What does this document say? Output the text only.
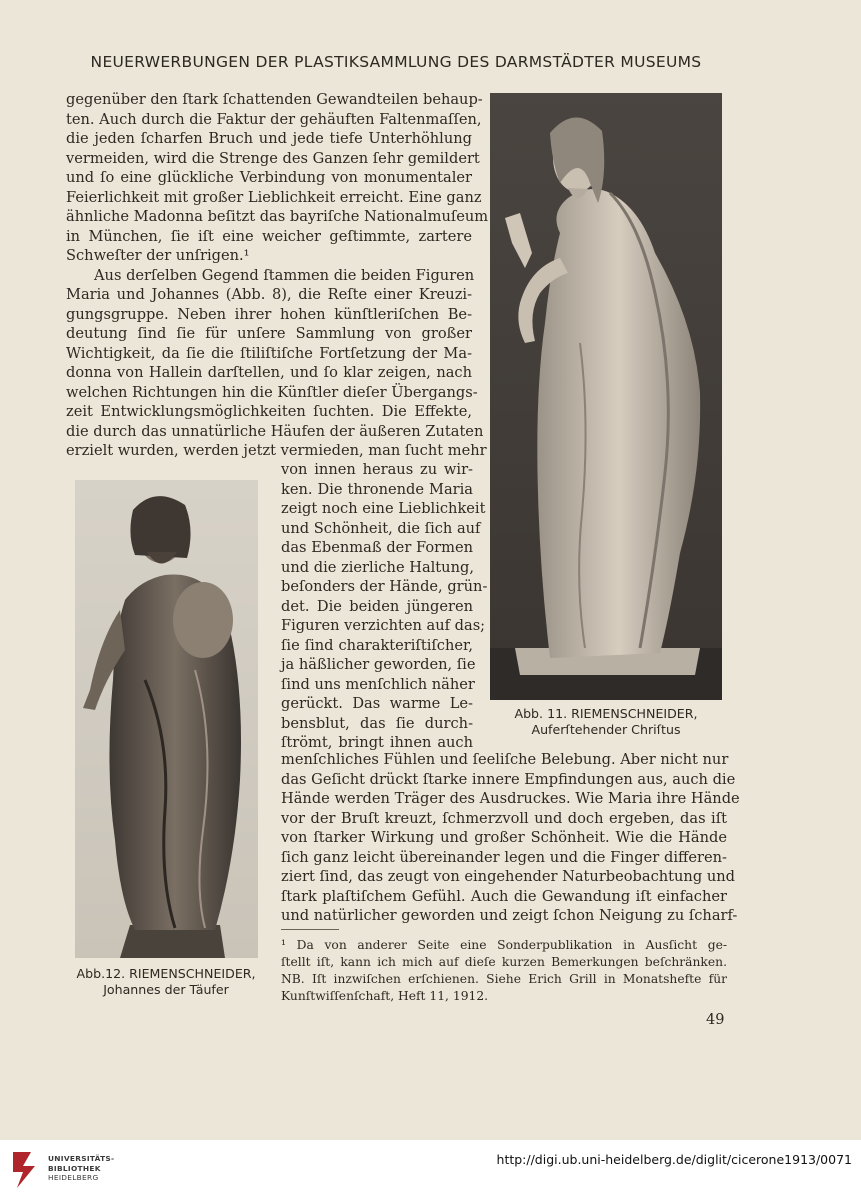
NEUERWERBUNGEN DER PLASTIKSAMMLUNG DES DARMSTÄDTER MUSEUMS
gegenüber den ſtark ſchattenden Gewandteilen behaup-
ten. Auch durch die Faktur der gehäuften Faltenmaſſen,
die jeden ſcharfen Bruch und jede tiefe Unterhöhlung
vermeiden, wird die Strenge des Ganzen ſehr gemildert
und ſo eine glückliche Verbindung von monumentaler
Feierlichkeit mit großer Lieblichkeit erreicht. Eine ganz
ähnliche Madonna beſitzt das bayriſche Nationalmuſeum
in München, ſie iſt eine weicher geſtimmte, zartere
Schweſter der unſrigen.¹
Aus derſelben Gegend ſtammen die beiden Figuren
Maria und Johannes (Abb. 8), die Reſte einer Kreuzi-
gungsgruppe. Neben ihrer hohen künſtleriſchen Be-
deutung ſind ſie für unſere Sammlung von großer
Wichtigkeit, da ſie die ſtiliſtiſche Fortſetzung der Ma-
donna von Hallein darſtellen, und ſo klar zeigen, nach
welchen Richtungen hin die Künſtler dieſer Übergangs-
zeit Entwicklungsmöglichkeiten ſuchten. Die Effekte,
die durch das unnatürliche Häufen der äußeren Zutaten
erzielt wurden, werden jetzt vermieden, man ſucht mehr
von innen heraus zu wir-
ken. Die thronende Maria
zeigt noch eine Lieblichkeit
und Schönheit, die ſich auf
das Ebenmaß der Formen
und die zierliche Haltung,
beſonders der Hände, grün-
det. Die beiden jüngeren
Figuren verzichten auf das;
ſie ſind charakteriſtiſcher,
ja häßlicher geworden, ſie
ſind uns menſchlich näher
gerückt. Das warme Le-
bensblut, das ſie durch-
ſtrömt, bringt ihnen auch
menſchliches Fühlen und ſeeliſche Belebung. Aber nicht nur
das Geſicht drückt ſtarke innere Empfindungen aus, auch die
Hände werden Träger des Ausdruckes. Wie Maria ihre Hände
vor der Bruſt kreuzt, ſchmerzvoll und doch ergeben, das iſt
von ſtarker Wirkung und großer Schönheit. Wie die Hände
ſich ganz leicht übereinander legen und die Finger differen-
ziert ſind, das zeugt von eingehender Naturbeobachtung und
ſtark plaſtiſchem Gefühl. Auch die Gewandung iſt einfacher
und natürlicher geworden und zeigt ſchon Neigung zu ſcharf-
Abb. 11. RIEMENSCHNEIDER,
Auferſtehender Chriſtus
Abb.12. RIEMENSCHNEIDER,
Johannes der Täufer
¹ Da von anderer Seite eine Sonderpublikation in Ausſicht ge-
ſtellt iſt, kann ich mich auf dieſe kurzen Bemerkungen beſchränken.
NB. Iſt inzwiſchen erſchienen. Siehe Erich Grill in Monatshefte für
Kunſtwiſſenſchaft, Heft 11, 1912.
49
UNIVERSITÄTS-
BIBLIOTHEK
HEIDELBERG
http://digi.ub.uni-heidelberg.de/diglit/cicerone1913/0071
